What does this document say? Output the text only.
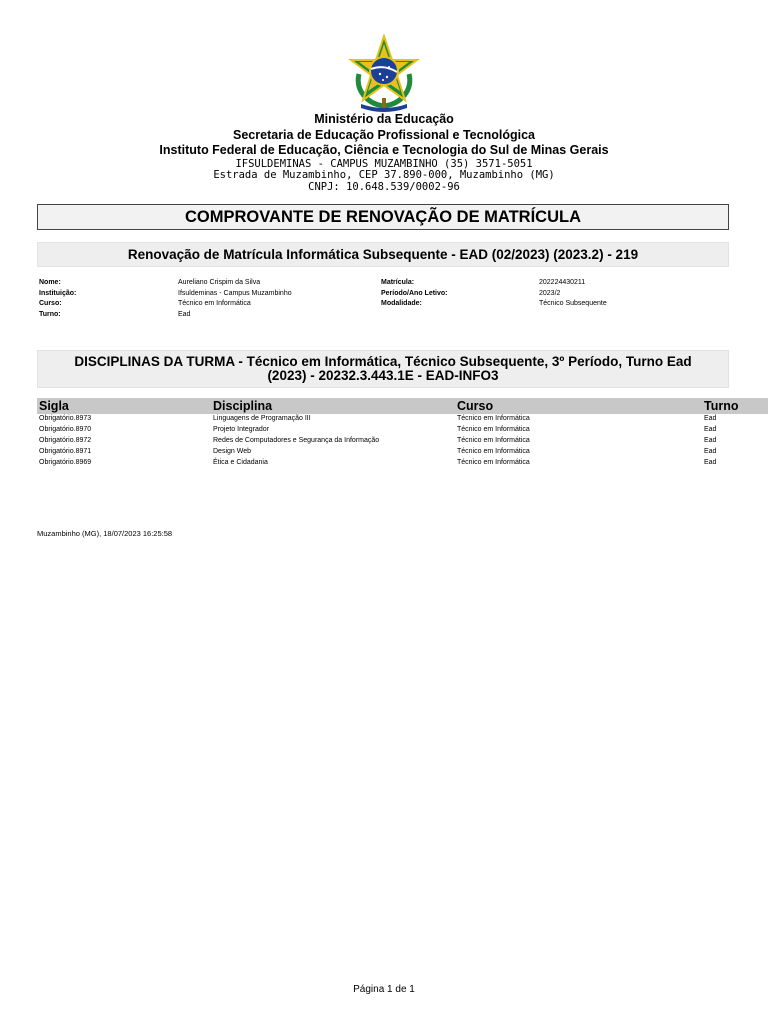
Ministério da Educação
Secretaria de Educação Profissional e Tecnológica
Instituto Federal de Educação, Ciência e Tecnologia do Sul de Minas Gerais
IFSULDEMINAS - CAMPUS MUZAMBINHO (35) 3571-5051
Estrada de Muzambinho, CEP 37.890-000, Muzambinho (MG)
CNPJ: 10.648.539/0002-96
COMPROVANTE DE RENOVAÇÃO DE MATRÍCULA
Renovação de Matrícula Informática Subsequente - EAD (02/2023) (2023.2) - 219
Nome:	Aureliano Crispim da Silva	Matrícula:	202224430211
Instituição:	Ifsuldeminas - Campus Muzambinho	Período/Ano Letivo:	2023/2
Curso:	Técnico em Informática	Modalidade:	Técnico Subsequente
Turno:	Ead
DISCIPLINAS DA TURMA - Técnico em Informática, Técnico Subsequente, 3º Período, Turno Ead (2023) - 20232.3.443.1E - EAD-INFO3
Sigla	Disciplina	Curso	Turno
Obrigatório.8973	Linguagens de Programação III	Técnico em Informática	Ead
Obrigatório.8970	Projeto Integrador	Técnico em Informática	Ead
Obrigatório.8972	Redes de Computadores e Segurança da Informação	Técnico em Informática	Ead
Obrigatório.8971	Design Web	Técnico em Informática	Ead
Obrigatório.8969	Ética e Cidadania	Técnico em Informática	Ead
Muzambinho (MG), 18/07/2023 16:25:58
Página 1 de 1
